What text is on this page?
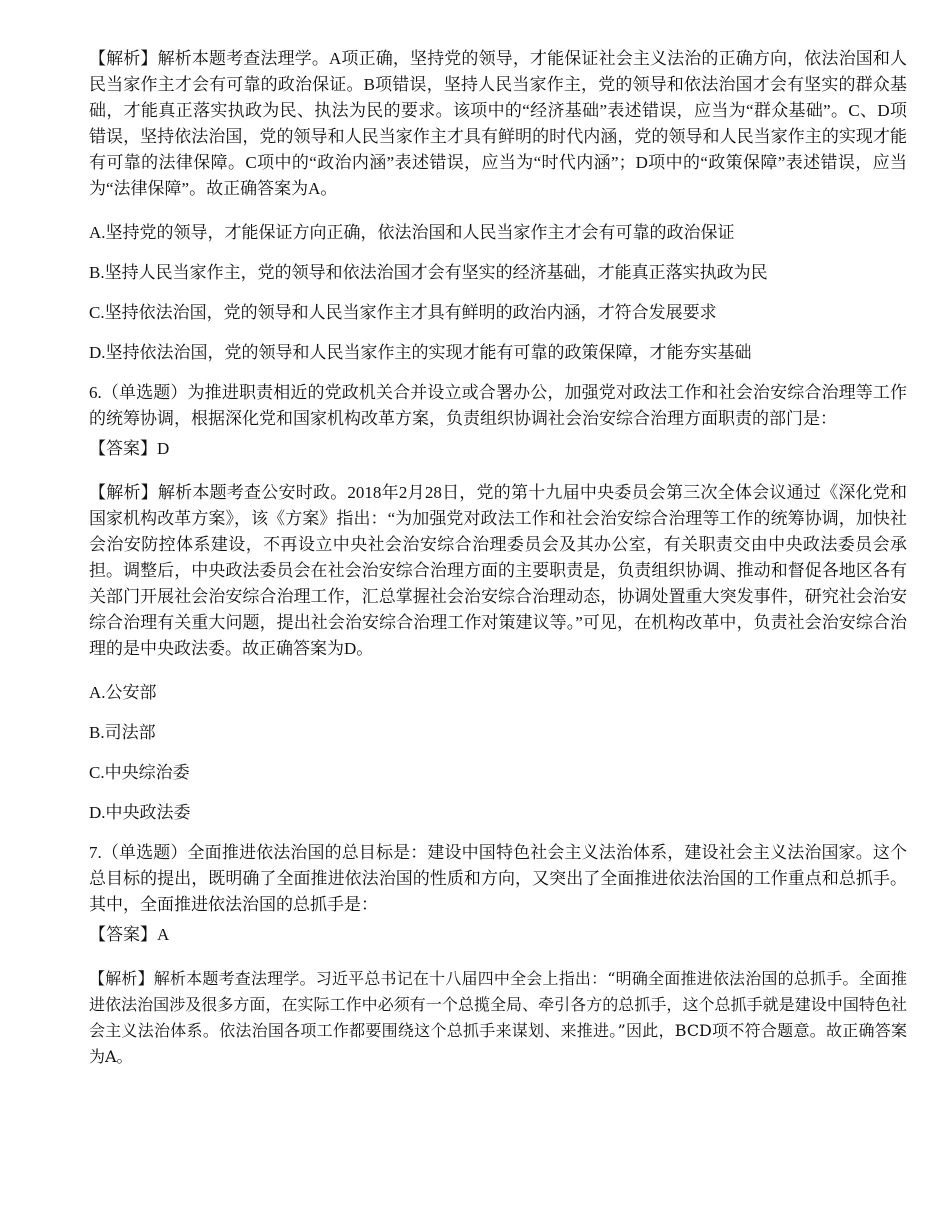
【解析】解析本题考查法理学。A项正确，坚持党的领导，才能保证社会主义法治的正确方向，依法治国和人民当家作主才会有可靠的政治保证。B项错误，坚持人民当家作主，党的领导和依法治国才会有坚实的群众基础，才能真正落实执政为民、执法为民的要求。该项中的“经济基础”表述错误，应当为“群众基础”。C、D项错误，坚持依法治国，党的领导和人民当家作主才具有鲜明的时代内涵，党的领导和人民当家作主的实现才能有可靠的法律保障。C项中的“政治内涵”表述错误，应当为“时代内涵”；D项中的“政策保障”表述错误，应当为“法律保障”。故正确答案为A。

A.坚持党的领导，才能保证方向正确，依法治国和人民当家作主才会有可靠的政治保证

B.坚持人民当家作主，党的领导和依法治国才会有坚实的经济基础，才能真正落实执政为民

C.坚持依法治国，党的领导和人民当家作主才具有鲜明的政治内涵，才符合发展要求

D.坚持依法治国，党的领导和人民当家作主的实现才能有可靠的政策保障，才能夯实基础

6.（单选题）为推进职责相近的党政机关合并设立或合署办公，加强党对政法工作和社会治安综合治理等工作的统筹协调，根据深化党和国家机构改革方案，负责组织协调社会治安综合治理方面职责的部门是：

【答案】D

【解析】解析本题考查公安时政。2018年2月28日，党的第十九届中央委员会第三次全体会议通过《深化党和国家机构改革方案》，该《方案》指出：“为加强党对政法工作和社会治安综合治理等工作的统筹协调，加快社会治安防控体系建设，不再设立中央社会治安综合治理委员会及其办公室，有关职责交由中央政法委员会承担。调整后，中央政法委员会在社会治安综合治理方面的主要职责是，负责组织协调、推动和督促各地区各有关部门开展社会治安综合治理工作，汇总掌握社会治安综合治理动态，协调处置重大突发事件，研究社会治安综合治理有关重大问题，提出社会治安综合治理工作对策建议等。”可见，在机构改革中，负责社会治安综合治理的是中央政法委。故正确答案为D。

A.公安部

B.司法部

C.中央综治委

D.中央政法委

7.（单选题）全面推进依法治国的总目标是：建设中国特色社会主义法治体系，建设社会主义法治国家。这个总目标的提出，既明确了全面推进依法治国的性质和方向，又突出了全面推进依法治国的工作重点和总抓手。其中，全面推进依法治国的总抓手是：

【答案】A

【解析】解析本题考查法理学。习近平总书记在十八届四中全会上指出：“明确全面推进依法治国的总抓手。全面推进依法治国涉及很多方面，在实际工作中必须有一个总揽全局、牵引各方的总抓手，这个总抓手就是建设中国特色社会主义法治体系。依法治国各项工作都要围绕这个总抓手来谋划、来推进。”因此，BCD项不符合题意。故正确答案为A。
